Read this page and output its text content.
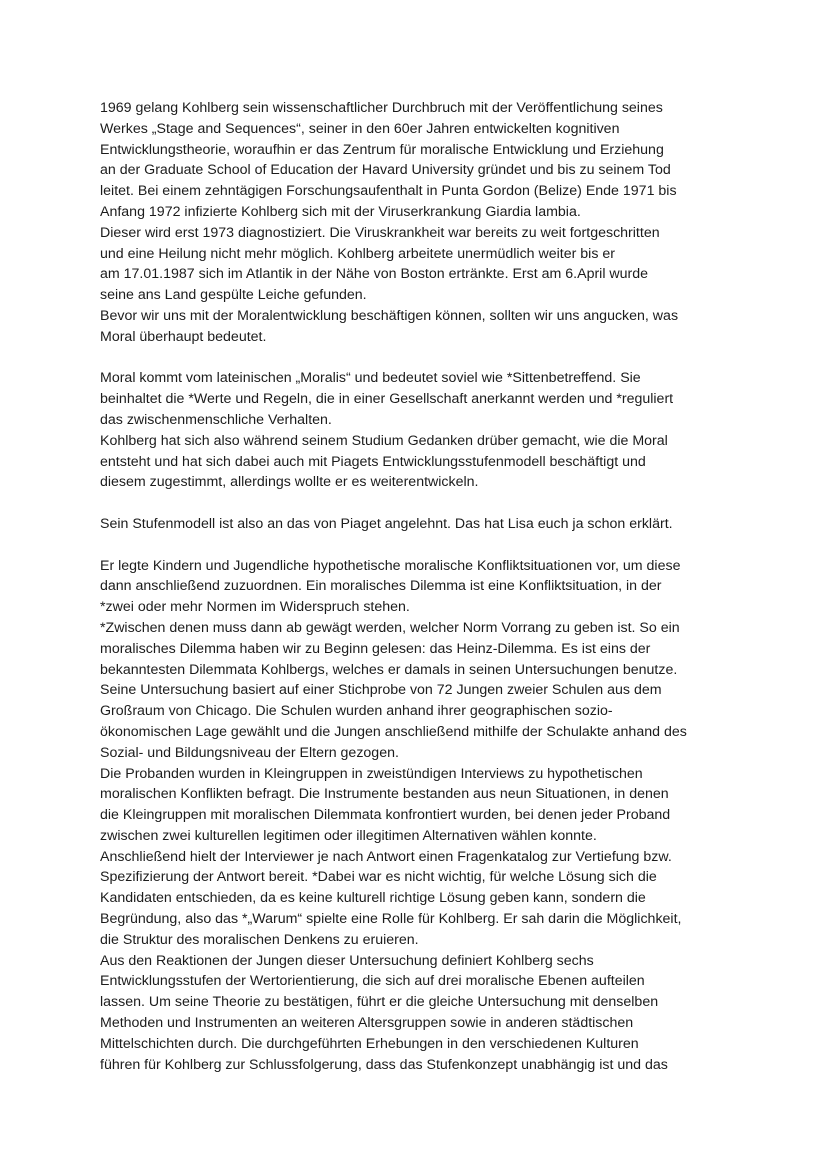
1969 gelang Kohlberg sein wissenschaftlicher Durchbruch mit der Veröffentlichung seines
Werkes „Stage and Sequences“, seiner in den 60er Jahren entwickelten kognitiven
Entwicklungstheorie, woraufhin er das Zentrum für moralische Entwicklung und Erziehung
an der Graduate School of Education der Havard University gründet und bis zu seinem Tod
leitet. Bei einem zehntägigen Forschungsaufenthalt in Punta Gordon (Belize) Ende 1971 bis
Anfang 1972 infizierte Kohlberg sich mit der Viruserkrankung Giardia lambia.
Dieser wird erst 1973 diagnostiziert. Die Viruskrankheit war bereits zu weit fortgeschritten
und eine Heilung nicht mehr möglich. Kohlberg arbeitete unermüdlich weiter bis er
am 17.01.1987 sich im Atlantik in der Nähe von Boston ertränkte. Erst am 6.April wurde
seine ans Land gespülte Leiche gefunden.
Bevor wir uns mit der Moralentwicklung beschäftigen können, sollten wir uns angucken, was
Moral überhaupt bedeutet.
Moral kommt vom lateinischen „Moralis“ und bedeutet soviel wie *Sittenbetreffend. Sie
beinhaltet die *Werte und Regeln, die in einer Gesellschaft anerkannt werden und *reguliert
das zwischenmenschliche Verhalten.
Kohlberg hat sich also während seinem Studium Gedanken drüber gemacht, wie die Moral
entsteht und hat sich dabei auch mit Piagets Entwicklungsstufenmodell beschäftigt und
diesem zugestimmt, allerdings wollte er es weiterentwickeln.
Sein Stufenmodell ist also an das von Piaget angelehnt. Das hat Lisa euch ja schon erklärt.
Er legte Kindern und Jugendliche hypothetische moralische Konfliktsituationen vor, um diese
dann anschließend zuzuordnen. Ein moralisches Dilemma ist eine Konfliktsituation, in der
*zwei oder mehr Normen im Widerspruch stehen.
*Zwischen denen muss dann ab gewägt werden, welcher Norm Vorrang zu geben ist. So ein
moralisches Dilemma haben wir zu Beginn gelesen: das Heinz-Dilemma. Es ist eins der
bekanntesten Dilemmata Kohlbergs, welches er damals in seinen Untersuchungen benutze.
Seine Untersuchung basiert auf einer Stichprobe von 72 Jungen zweier Schulen aus dem
Großraum von Chicago. Die Schulen wurden anhand ihrer geographischen sozio-
ökonomischen Lage gewählt und die Jungen anschließend mithilfe der Schulakte anhand des
Sozial- und Bildungsniveau der Eltern gezogen.
Die Probanden wurden in Kleingruppen in zweistündigen Interviews zu hypothetischen
moralischen Konflikten befragt. Die Instrumente bestanden aus neun Situationen, in denen
die Kleingruppen mit moralischen Dilemmata konfrontiert wurden, bei denen jeder Proband
zwischen zwei kulturellen legitimen oder illegitimen Alternativen wählen konnte.
Anschließend hielt der Interviewer je nach Antwort einen Fragenkatalog zur Vertiefung bzw.
Spezifizierung der Antwort bereit. *Dabei war es nicht wichtig, für welche Lösung sich die
Kandidaten entschieden, da es keine kulturell richtige Lösung geben kann, sondern die
Begründung, also das *„Warum“ spielte eine Rolle für Kohlberg. Er sah darin die Möglichkeit,
die Struktur des moralischen Denkens zu eruieren.
Aus den Reaktionen der Jungen dieser Untersuchung definiert Kohlberg sechs
Entwicklungsstufen der Wertorientierung, die sich auf drei moralische Ebenen aufteilen
lassen. Um seine Theorie zu bestätigen, führt er die gleiche Untersuchung mit denselben
Methoden und Instrumenten an weiteren Altersgruppen sowie in anderen städtischen
Mittelschichten durch. Die durchgeführten Erhebungen in den verschiedenen Kulturen
führen für Kohlberg zur Schlussfolgerung, dass das Stufenkonzept unabhängig ist und das
